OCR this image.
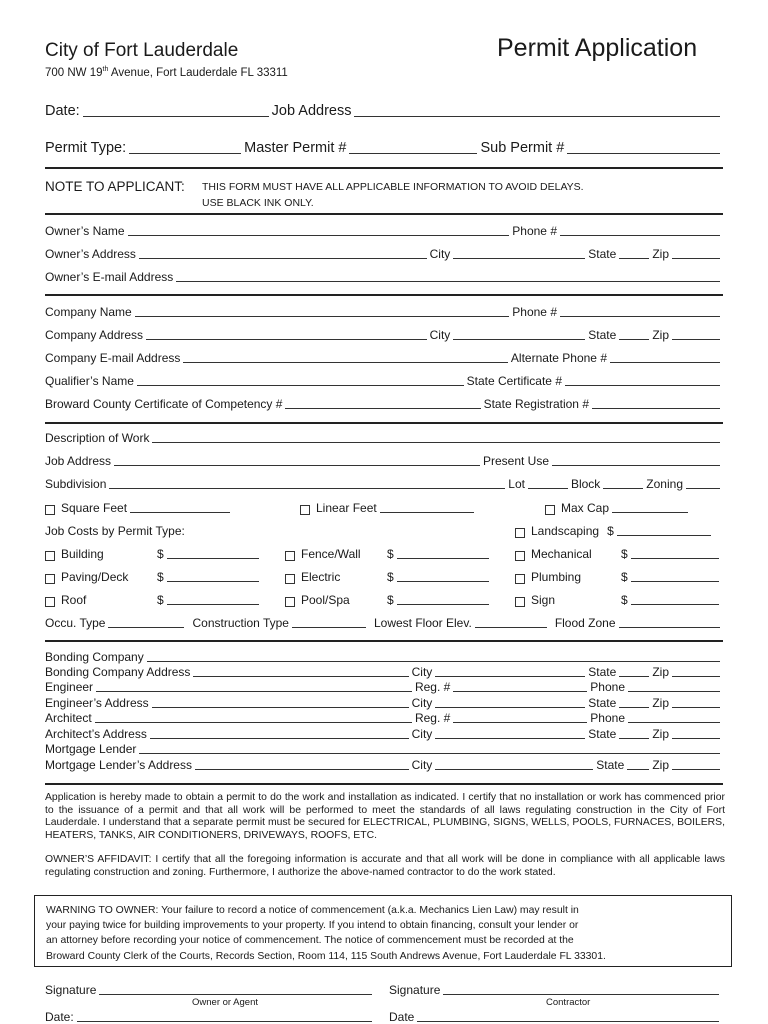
City of Fort Lauderdale	Permit Application
700 NW 19th Avenue, Fort Lauderdale FL 33311
Date:	Job Address
Permit Type:	Master Permit #	Sub Permit #
NOTE TO APPLICANT: THIS FORM MUST HAVE ALL APPLICABLE INFORMATION TO AVOID DELAYS.
USE BLACK INK ONLY.
Owner’s Name	Phone #
Owner’s Address	City	State	Zip
Owner’s E-mail Address
Company Name	Phone #
Company Address	City	State	Zip
Company E-mail Address	Alternate Phone #
Qualifier’s Name	State Certificate #
Broward County Certificate of Competency #	State Registration #
Description of Work
Job Address	Present Use
Subdivision	Lot	Block	Zoning
Square Feet	Linear Feet	Max Cap
Job Costs by Permit Type:	Landscaping $
Building	$	Fence/Wall	$	Mechanical	$
Paving/Deck	$	Electric	$	Plumbing	$
Roof	$	Pool/Spa	$	Sign	$
Occu. Type	Construction Type	Lowest Floor Elev.	Flood Zone
Bonding Company
Bonding Company Address	City	State	Zip
Engineer	Reg. #	Phone
Engineer’s Address	City	State	Zip
Architect	Reg. #	Phone
Architect’s Address	City	State	Zip
Mortgage Lender
Mortgage Lender’s Address	City	State Zip
Application is hereby made to obtain a permit to do the work and installation as indicated. I certify that no installation or work has commenced prior to the issuance of a permit and that all work will be performed to meet the standards of all laws regulating construction in the City of Fort Lauderdale. I understand that a separate permit must be secured for ELECTRICAL, PLUMBING, SIGNS, WELLS, POOLS, FURNACES, BOILERS, HEATERS, TANKS, AIR CONDITIONERS, DRIVEWAYS, ROOFS, ETC.
OWNER’S AFFIDAVIT: I certify that all the foregoing information is accurate and that all work will be done in compliance with all applicable laws regulating construction and zoning. Furthermore, I authorize the above-named contractor to do the work stated.
WARNING TO OWNER: Your failure to record a notice of commencement (a.k.a. Mechanics Lien Law) may result in
your paying twice for building improvements to your property. If you intend to obtain financing, consult your lender or
an attorney before recording your notice of commencement. The notice of commencement must be recorded at the
Broward County Clerk of the Courts, Records Section, Room 114, 115 South Andrews Avenue, Fort Lauderdale FL 33301.
Signature
Owner or Agent
Signature
Contractor
Date:	Date
